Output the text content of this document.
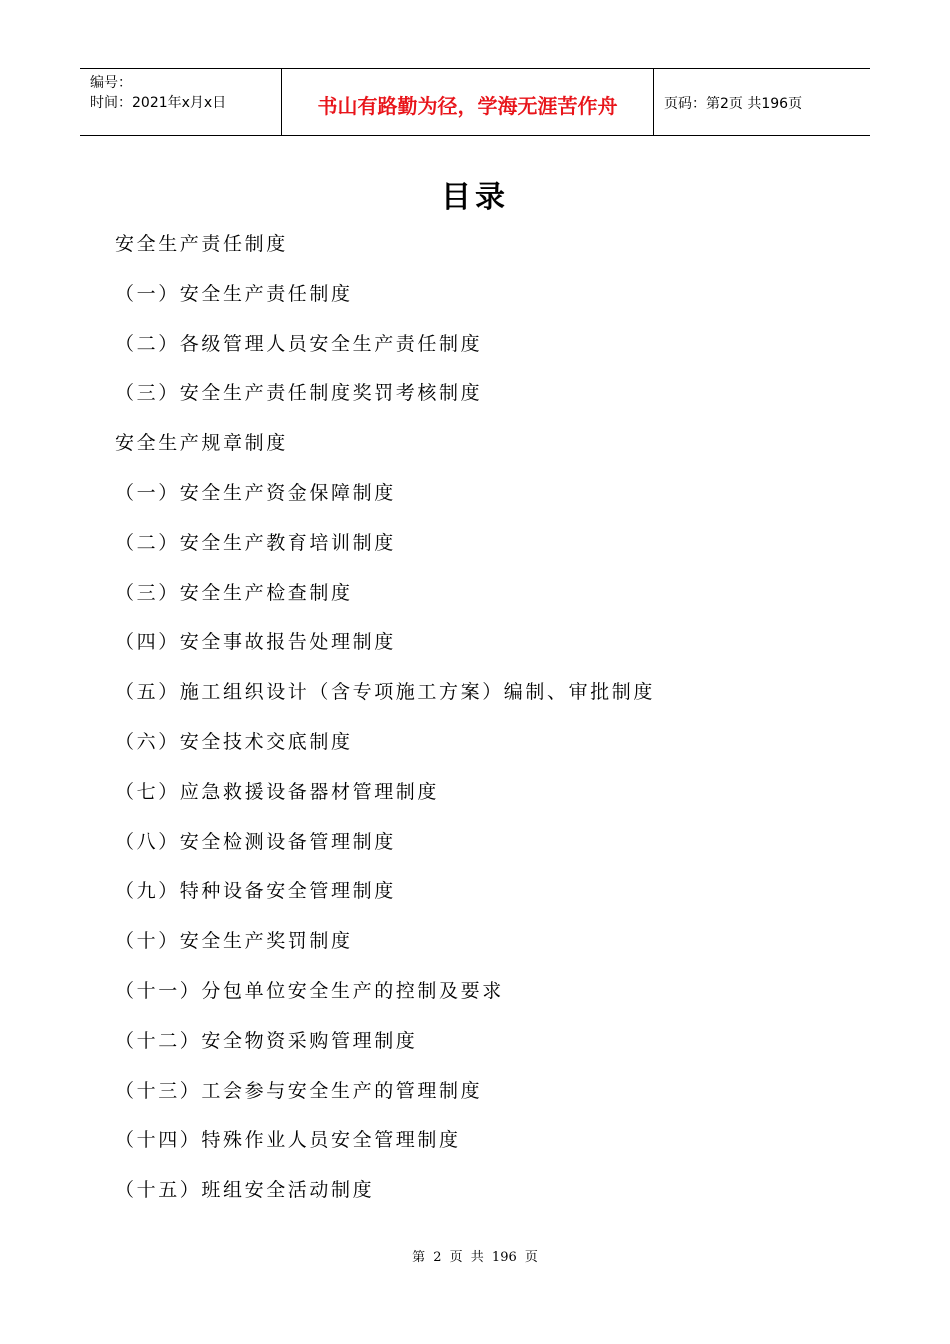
编号：
时间：2021年x月x日	书山有路勤为径，学海无涯苦作舟	页码：第2页 共196页
目录
安全生产责任制度
（一）安全生产责任制度
（二）各级管理人员安全生产责任制度
（三）安全生产责任制度奖罚考核制度
安全生产规章制度
（一）安全生产资金保障制度
（二）安全生产教育培训制度
（三）安全生产检查制度
（四）安全事故报告处理制度
（五）施工组织设计（含专项施工方案）编制、审批制度
（六）安全技术交底制度
（七）应急救援设备器材管理制度
（八）安全检测设备管理制度
（九）特种设备安全管理制度
（十）安全生产奖罚制度
（十一）分包单位安全生产的控制及要求
（十二）安全物资采购管理制度
（十三）工会参与安全生产的管理制度
（十四）特殊作业人员安全管理制度
（十五）班组安全活动制度
第 2 页 共 196 页
